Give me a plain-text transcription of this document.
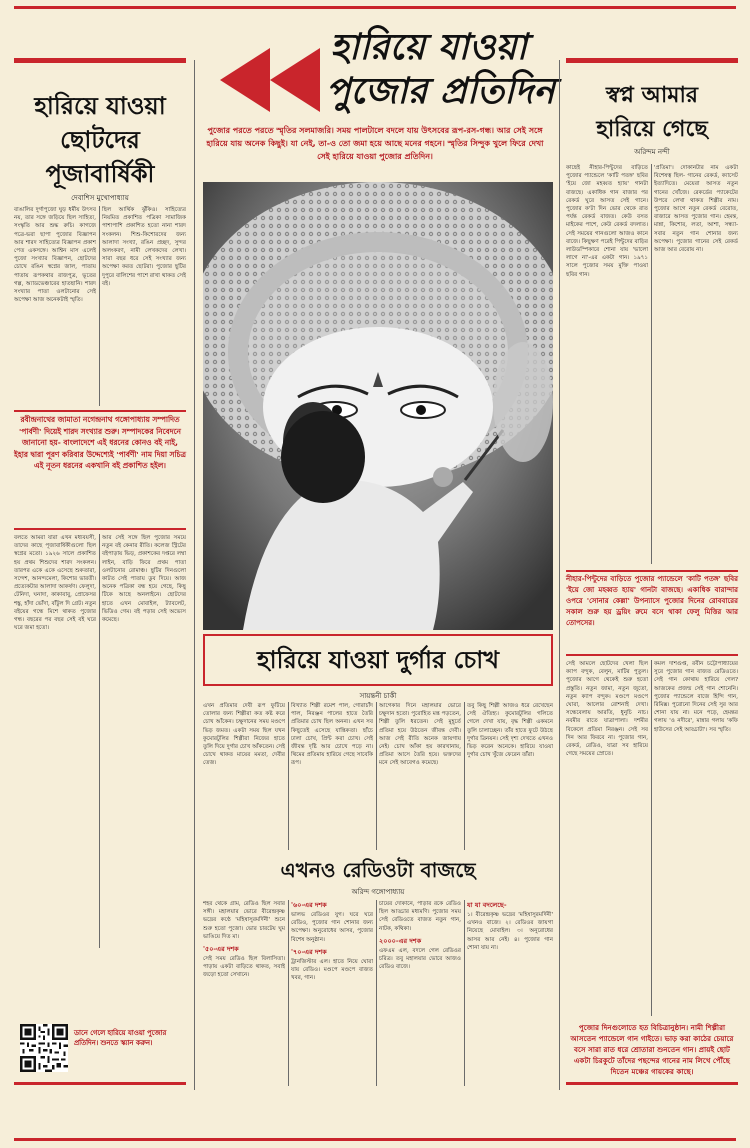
হারিয়ে যাওয়া
পুজোর প্রতিদিন
পুজোর পরতে পরতে স্মৃতির সলমাজরি। সময় পালটালে বদলে যায় উৎসবের রূপ-রস-গন্ধ। আর সেই সঙ্গে হারিয়ে যায় অনেক কিছুই। যা নেই, তা-ও তো জমা হয়ে আছে মনের গহনে। স্মৃতির সিন্দুক খুলে ফিরে দেখা সেই হারিয়ে যাওয়া পুজোর প্রতিদিন।
হারিয়ে যাওয়া
ছোটদের
পূজাবার্ষিকী
দেবাশিস মুখোপাধ্যায়
বাঙালির দুর্গাপুজো ঘুড় ধর্মীয় উৎসব নয়, তার সঙ্গে জড়িয়ে ছিল সাহিত্য, সংস্কৃতি আর শুদ্ধ রুচি। কাগজে পত্রে-ভরা ছাপা পুজোর বিজ্ঞাপন আর শারদ সাহিত্যের বিজ্ঞাপন প্রকাশ পেত একসঙ্গে। আশ্বিন মাস এলেই পুজো সংখ্যার বিজ্ঞাপন, ছোটদের চোখে রঙিন স্বপ্নের জাল, পাতায় পাতায় রূপকথার রাজপুত্র, ভূতের গল্প, অ্যাডভেঞ্চারের হাতছানি। শারদ সংখ্যার পাতা ওলটানোর সেই অপেক্ষা আজ অনেকটাই স্মৃতি।
ছিল আর্থিক ঝুঁকিও। সাহিত্যের নিয়মিত প্রকাশিত পত্রিকা সামাজিক পাশাপাশি প্রকাশিত হতো নানা শারদ সংকলন। শিশু-কিশোরদের জন্য আলাদা সংখ্যা, রঙিন প্রচ্ছদ, সুন্দর অলংকরণ, নামী লেখকদের লেখা। সারা বছর ধরে সেই সংখ্যার জন্য অপেক্ষা করত ছোটরা। পুজোর ছুটির দুপুরে বালিশের পাশে রাখা থাকত সেই বই।
রবীন্দ্রনাথের জামাতা নগেন্দ্রনাথ গঙ্গোপাধ্যায় সম্পাদিত 'পার্বণী' দিয়েই শারদ সংখ্যার শুরু। সম্পাদকের নিবেদনে জানানো হয়- বাংলাদেশে এই ধরনের কোনও বই নাই, ইহার দ্বারা পূরণ করিবার উদ্দেশ্যেই 'পার্বণী' নাম দিয়া সচিত্র এই নূতন ধরনের একখানি বই প্রকাশিত হইল।
বলতে আমরা যারা এখন মধ্যবয়সী, তাদের কাছে পূজাবার্ষিকীগুলো ছিল স্বপ্নের মতো। ১৯২৬ সালে প্রকাশিত হয় প্রথম শিশুদের শারদ সংকলন। তারপর একে একে এসেছে শুকতারা, সন্দেশ, আনন্দমেলা, কিশোর ভারতী। প্রত্যেকটার আলাদা আকর্ষণ। ফেলুদা, টেনিদা, ঘনাদা, কাকাবাবু, প্রোফেসর শঙ্কু, হাঁদা ভোঁদা, বাঁটুল দি গ্রেট। নতুন বইয়ের গন্ধে মিশে থাকত পুজোর গন্ধ। বছরের পর বছর সেই বই ঘরে ঘরে জমা হতো।
আর সেই সঙ্গে ছিল পুজোর সময়ে নতুন বই কেনার রীতি। কলেজ স্ট্রিটের বইপাড়ায় ভিড়, প্রকাশকের দপ্তরে লম্বা লাইন, বাড়ি ফিরে প্রথম পাতা ওলটানোর রোমাঞ্চ। ছুটির দিনগুলো কাটত সেই পাতায় ডুব দিয়ে। আজ অনেক পত্রিকা বন্ধ হয়ে গেছে, কিছু টিকে আছে অনলাইনে। ছোটদের হাতে এখন মোবাইল, ট্যাবলেট, ভিডিও গেম। বই পড়ার সেই অভ্যেস কমেছে।
ডানে গেলে হারিয়ে যাওয়া পুজোর প্রতিদিন। শুনতে স্ক্যান করুন।
হারিয়ে যাওয়া দুর্গার চোখ
সায়ন্তনী চাকী
এখন প্রতিমার দেবী রূপ ফুটিয়ে তোলার জন্য শিল্পীরা কত কষ্ট করে চোখ আঁকেন। চক্ষুদানের সময় মণ্ডপে ভিড় জমত। একটা সময় ছিল যখন কুমোরটুলির শিল্পীরা নিজের হাতে তুলি দিয়ে দুর্গার চোখ আঁকতেন। সেই চোখে থাকত মায়ের মমতা, দেবীর তেজ।
বিখ্যাত শিল্পী রমেশ পাল, গোরাচাঁদ পাল, নিরঞ্জন পালের হাতে তৈরি প্রতিমার চোখ ছিল অনন্য। এখন সব কিছুতেই এসেছে যান্ত্রিকতা। ছাঁচে ঢালা চোখ, প্রিন্ট করা চোখ। সেই জীবন্ত দৃষ্টি আর চোখে পড়ে না। থিমের প্রতিমায় হারিয়ে গেছে সাবেকি রূপ।
আগেকার দিনে মহালয়ার ভোরে চক্ষুদান হতো। পুরোহিত মন্ত্র পড়তেন, শিল্পী তুলি ধরতেন। সেই মুহূর্তে প্রতিমা হয়ে উঠতেন জীবন্ত দেবী। আজ সেই রীতি অনেক জায়গায় নেই। চোখ আঁকা হয় কারখানায়, প্রতিমা আসে তৈরি হয়ে। ভক্তদের মনে সেই আবেগও কমেছে।
তবু কিছু শিল্পী আজও ধরে রেখেছেন সেই ঐতিহ্য। কুমোরটুলির গলিতে গেলে দেখা যায়, বৃদ্ধ শিল্পী একমনে তুলি চালাচ্ছেন। তাঁর হাতে ফুটে উঠছে দুর্গার ত্রিনয়ন। সেই দৃশ্য দেখতে এখনও ভিড় করেন অনেকে। হারিয়ে যাওয়া দুর্গার চোখ খুঁজে ফেরেন তাঁরা।
এখনও রেডিওটা বাজছে
অরিন্দ গঙ্গোপাধ্যায়
শহর থেকে গ্রাম, রেডিও ছিল সবার সঙ্গী। মহালয়ার ভোরে বীরেন্দ্রকৃষ্ণ ভদ্রের কণ্ঠে 'মহিষাসুরমর্দিনী' শুনে শুরু হতো পুজো। ভোর চারটেয় ঘুম ভাঙিয়ে দিত মা।
'৫০-এর দশক
সেই সময় রেডিও ছিল বিলাসিতা। পাড়ায় একটা বাড়িতে থাকত, সবাই জড়ো হতো সেখানে।
'৬০-এর দশক
ভালভ রেডিওর যুগ। ঘরে ঘরে রেডিও, পুজোর গান শোনার জন্য অপেক্ষা। অনুরোধের আসর, পুজোর বিশেষ অনুষ্ঠান।
'৭০-এর দশক
ট্রানজিস্টার এল। হাতে নিয়ে ঘোরা যায় রেডিও। মণ্ডপে মণ্ডপে বাজত খবর, গান।
চায়ের দোকানে, পাড়ার রকে রেডিও ছিল আড্ডার মধ্যমণি। পুজোর সময় সেই রেডিওতে বাজত নতুন গান, নাটক, কথিকা।
২০০০-এর দশক
এফএম এল, বদলে গেল রেডিওর চরিত্র। তবু মহালয়ার ভোরে আজও রেডিও বাজে।
যা যা বদলেছে-
১। বীরেন্দ্রকৃষ্ণ ভদ্রের 'মহিষাসুরমর্দিনী' এখনও বাজে। ২। রেডিওর জায়গা নিয়েছে মোবাইল। ৩। অনুরোধের আসর আর নেই। ৪। পুজোর গান শোনা যায় না।
স্বপ্ন আমার
হারিয়ে গেছে
অরিন্দম নন্দী
কাছেই নীহার-পিন্টুদের বাড়িতে পুজোর প্যান্ডেলে 'কাটি পতঙ্গ' ছবির 'ইয়ে জো মহব্বত হ্যায়' গানটা বাজছে। একাধিক গান বাজার পর রেকর্ড ঘুরে আসত সেই গানে। পুজোর ক'টা দিন ভোর থেকে রাত পর্যন্ত রেকর্ড বাজত। কেউ বসত মাইকের পাশে, কেউ রেকর্ড বদলাত। সেই সময়ের গানগুলো আজও কানে বাজে। কিছুক্ষণ পরেই পিন্টুদের বাড়ির লাউডস্পিকারে শোনা যায় 'ভালো লাগে না'-এর একটা গান। ১৯৭১ সালে পুজোর সময় মুক্তি পাওয়া ছবির গান।
'প্রতিমা'। দোকানটার নাম একটা বিশেষত্ব ছিল- গানের রেকর্ড, ক্যাসেট ইত্যাদিতে। মেয়েরা আসত নতুন গানের খোঁজে। রেকর্ডের প্যাকেটের উপরে লেখা থাকত শিল্পীর নাম। পুজোর আগে নতুন রেকর্ড বেরোত, বাজারে আসত পুজোর গান। হেমন্ত, মান্না, কিশোর, লতা, আশা, সন্ধ্যা- সবার নতুন গান শোনার জন্য অপেক্ষা। পুজোর গানের সেই রেকর্ড আজ আর বেরোয় না।
নীহার-পিন্টুদের বাড়িতে পুজোর প্যান্ডেলে 'কাটি পতঙ্গ' ছবির 'ইয়ে জো মহব্বত হ্যায়' গানটা বাজছে। একাধিক বারান্দার ওপরে 'সোনার কেল্লা' উপন্যাসে পুজোর দিনের রোববারের সকাল শুরু হয় ড্রয়িং রুমে বসে থাকা ফেলু মিত্তির আর তোপসের।
সেই আমলে ছোটদের খেলা ছিল ক্যাপ বন্দুক, বেলুন, মাটির পুতুল। পুজোর আগে থেকেই শুরু হতো প্রস্তুতি। নতুন জামা, নতুন জুতো, নতুন ক্যাপ বন্দুক। মণ্ডপে মণ্ডপে ঘোরা, আলোর রোশনাই দেখা। সন্ধেবেলায় আরতি, ধুনুচি নাচ। নবমীর রাতে যাত্রাপালা। দশমীর বিকেলে প্রতিমা নিরঞ্জন। সেই সব দিন আর ফিরবে না। পুজোর গান, রেকর্ড, রেডিও, যাত্রা সব হারিয়ে গেছে সময়ের স্রোতে।
কমল দাশগুপ্ত, রবীন চট্টোপাধ্যায়ের সুরে পুজোর গান বাজত রেডিওতে। সেই গান কোথায় হারিয়ে গেল? আজকের প্রজন্ম সেই গান শোনেনি। পুজোর প্যান্ডেলে বাজে হিন্দি গান, রিমিক্স। পুরোনো দিনের সেই সুর আর শোনা যায় না। মনে পড়ে, হেমন্তর গলায় 'ও নদীরে', মান্নার গলায় 'কফি হাউসের সেই আড্ডাটা'। সব স্মৃতি।
পুজোর দিনগুলোতে হত বিচিত্রানুষ্ঠান। নামী শিল্পীরা আসতেন প্যান্ডেলে গান গাইতে। ভাড় করা কাঠের চেয়ারে বসে সারা রাত ধরে শ্রোতারা শুনতেন গান। প্রায়ই ছোট একটা চিরকুটে তাঁদের পছন্দের গানের নাম লিখে পৌঁছে দিতেন মঞ্চের গায়কের কাছে।
